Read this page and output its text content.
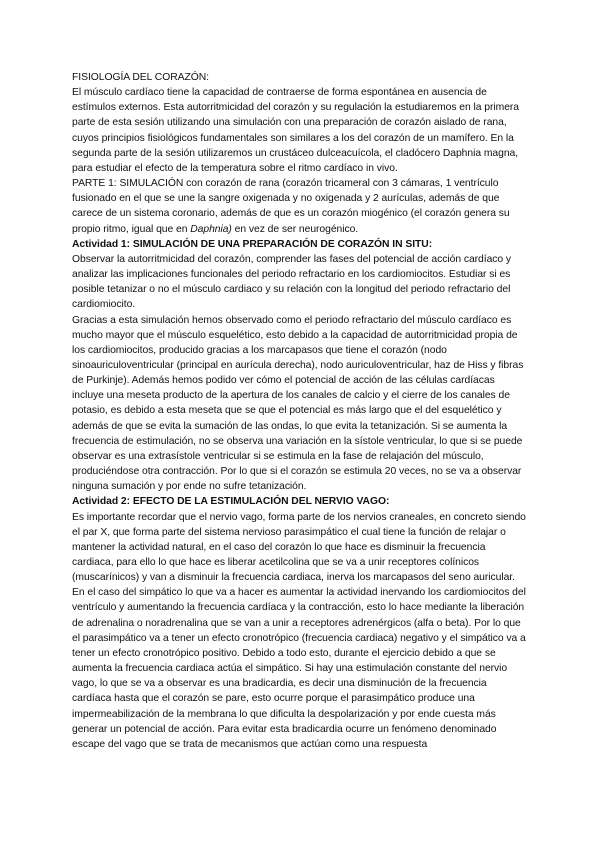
FISIOLOGÍA DEL CORAZÓN:

El músculo cardíaco tiene la capacidad de contraerse de forma espontánea en ausencia de estímulos externos. Esta autorritmicidad del corazón y su regulación la estudiaremos en la primera parte de esta sesión utilizando una simulación con una preparación de corazón aislado de rana, cuyos principios fisiológicos fundamentales son similares a los del corazón de un mamífero. En la segunda parte de la sesión utilizaremos un crustáceo dulceacuícola, el cladócero Daphnia magna, para estudiar el efecto de la temperatura sobre el ritmo cardíaco in vivo.

PARTE 1: SIMULACIÓN con corazón de rana (corazón tricameral con 3 cámaras, 1 ventrículo fusionado en el que se une la sangre oxigenada y no oxigenada y 2 aurículas, además de que carece de un sistema coronario, además de que es un corazón miogénico (el corazón genera su propio ritmo, igual que en Daphnia) en vez de ser neurogénico.

Actividad 1: SIMULACIÓN DE UNA PREPARACIÓN DE CORAZÓN IN SITU:

Observar la autorritmicidad del corazón, comprender las fases del potencial de acción cardíaco y analizar las implicaciones funcionales del periodo refractario en los cardiomiocitos. Estudiar si es posible tetanizar o no el músculo cardiaco y su relación con la longitud del periodo refractario del cardiomiocito.

Gracias a esta simulación hemos observado como el periodo refractario del músculo cardíaco es mucho mayor que el músculo esquelético, esto debido a la capacidad de autorritmicidad propia de los cardiomiocitos, producido gracias a los marcapasos que tiene el corazón (nodo sinoauriculoventricular (principal en aurícula derecha), nodo auriculoventricular, haz de Hiss y fibras de Purkinje). Además hemos podido ver cómo el potencial de acción de las células cardíacas incluye una meseta producto de la apertura de los canales de calcio y el cierre de los canales de potasio, es debido a esta meseta que se que el potencial es más largo que el del esquelético y además de que se evita la sumación de las ondas, lo que evita la tetanización. Si se aumenta la frecuencia de estimulación, no se observa una variación en la sístole ventricular, lo que si se puede observar es una extrasístole ventricular si se estimula en la fase de relajación del músculo, produciéndose otra contracción. Por lo que si el corazón se estimula 20 veces, no se va a observar ninguna sumación y por ende no sufre tetanización.

Actividad 2: EFECTO DE LA ESTIMULACIÓN DEL NERVIO VAGO:

Es importante recordar que el nervio vago, forma parte de los nervios craneales, en concreto siendo el par X, que forma parte del sistema nervioso parasimpático el cual tiene la función de relajar o mantener la actividad natural, en el caso del corazón lo que hace es disminuir la frecuencia cardiaca, para ello lo que hace es liberar acetilcolina que se va a unir receptores colínicos (muscarínicos) y van a disminuir la frecuencia cardiaca, inerva los marcapasos del seno auricular. En el caso del simpático lo que va a hacer es aumentar la actividad inervando los cardiomiocitos del ventrículo y aumentando la frecuencia cardíaca y la contracción, esto lo hace mediante la liberación de adrenalina o noradrenalina que se van a unir a receptores adrenérgicos (alfa o beta). Por lo que el parasimpático va a tener un efecto cronotrópico (frecuencia cardiaca) negativo y el simpático va a tener un efecto cronotrópico positivo. Debido a todo esto, durante el ejercicio debido a que se aumenta la frecuencia cardiaca actúa el simpático. Si hay una estimulación constante del nervio vago, lo que se va a observar es una bradicardia, es decir una disminución de la frecuencia cardíaca hasta que el corazón se pare, esto ocurre porque el parasimpático produce una impermeabilización de la membrana lo que dificulta la despolarización y por ende cuesta más generar un potencial de acción. Para evitar esta bradicardia ocurre un fenómeno denominado escape del vago que se trata de mecanismos que actúan como una respuesta
